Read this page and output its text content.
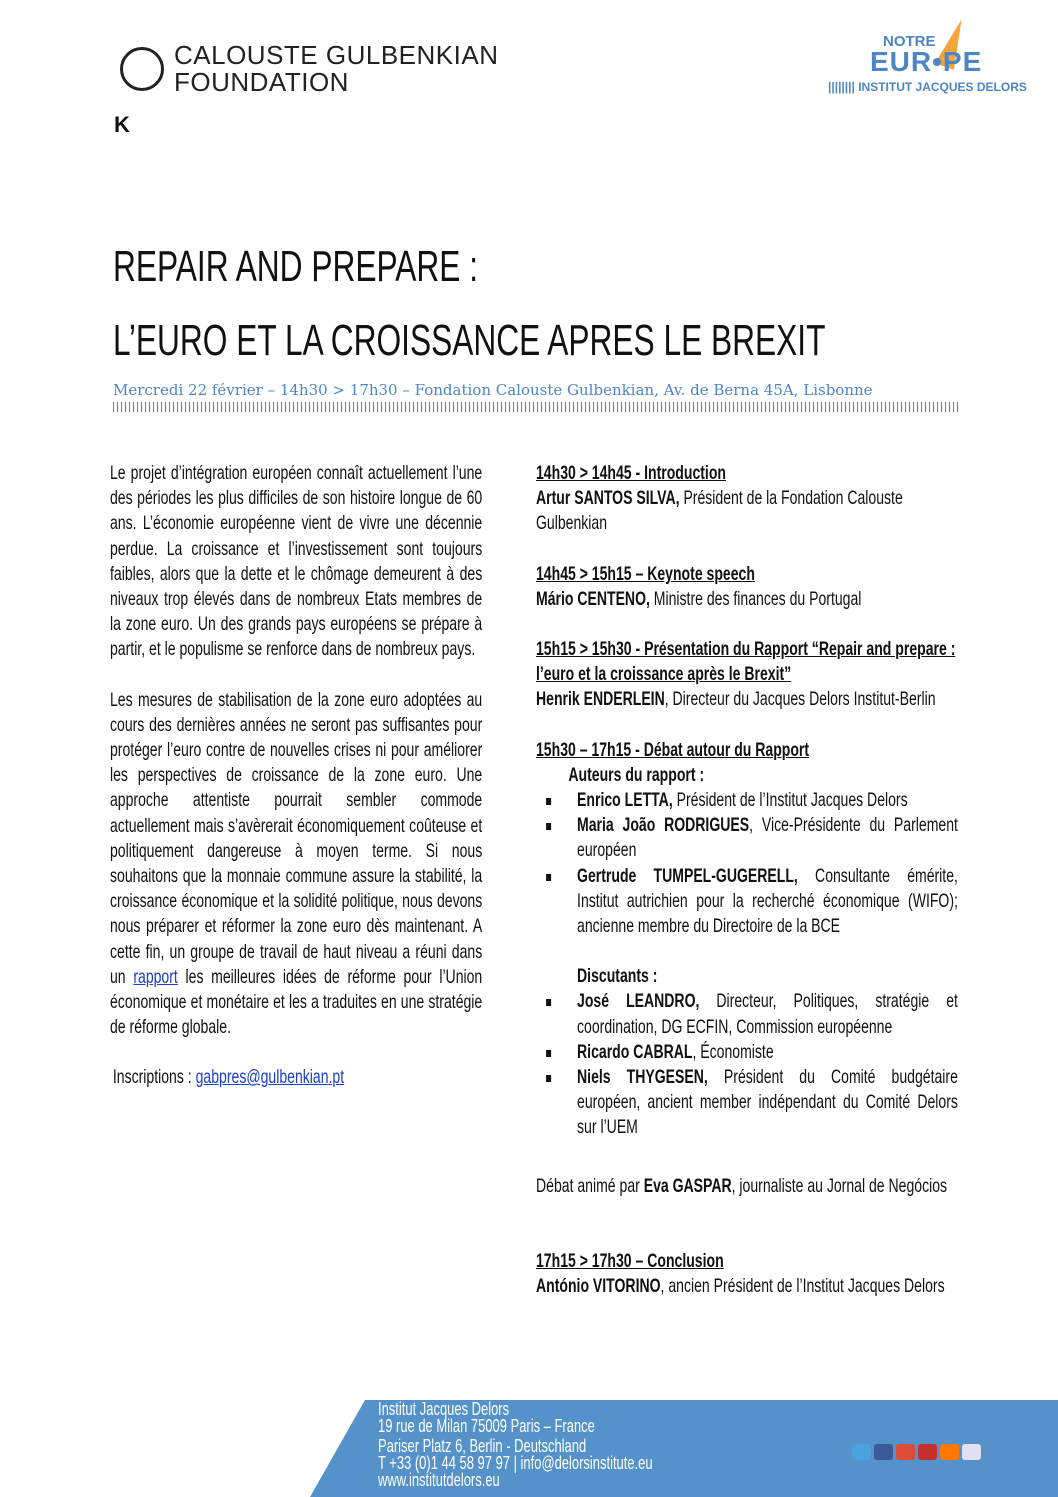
CALOUSTE GULBENKIAN
FOUNDATION
NOTRE
EUR•PE
|||||||| INSTITUT JACQUES DELORS
K
REPAIR AND PREPARE :
L’EURO ET LA CROISSANCE APRES LE BREXIT
Mercredi 22 février – 14h30 > 17h30 – Fondation Calouste Gulbenkian, Av. de Berna 45A, Lisbonne

Le projet d’intégration européen connaît actuellement l’une des périodes les plus difficiles de son histoire longue de 60 ans. L’économie européenne vient de vivre une décennie perdue. La croissance et l’investissement sont toujours faibles, alors que la dette et le chômage demeurent à des niveaux trop élevés dans de nombreux Etats membres de la zone euro. Un des grands pays européens se prépare à partir, et le populisme se renforce dans de nombreux pays.

Les mesures de stabilisation de la zone euro adoptées au cours des dernières années ne seront pas suffisantes pour protéger l’euro contre de nouvelles crises ni pour améliorer les perspectives de croissance de la zone euro. Une approche attentiste pourrait sembler commode actuellement mais s’avèrerait économiquement coûteuse et politiquement dangereuse à moyen terme. Si nous souhaitons que la monnaie commune assure la stabilité, la croissance économique et la solidité politique, nous devons nous préparer et réformer la zone euro dès maintenant. A cette fin, un groupe de travail de haut niveau a réuni dans un rapport les meilleures idées de réforme pour l’Union économique et monétaire et les a traduites en une stratégie de réforme globale.

Inscriptions : gabpres@gulbenkian.pt

14h30 > 14h45 - Introduction
Artur SANTOS SILVA, Président de la Fondation Calouste Gulbenkian
14h45 > 15h15 – Keynote speech
Mário CENTENO, Ministre des finances du Portugal
15h15 > 15h30 - Présentation du Rapport “Repair and prepare : l’euro et la croissance après le Brexit”
Henrik ENDERLEIN, Directeur du Jacques Delors Institut-Berlin
15h30 – 17h15 - Débat autour du Rapport
Auteurs du rapport :
Enrico LETTA, Président de l’Institut Jacques Delors
Maria João RODRIGUES, Vice-Présidente du Parlement européen
Gertrude TUMPEL-GUGERELL, Consultante émérite, Institut autrichien pour la recherché économique (WIFO); ancienne membre du Directoire de la BCE
Discutants :
José LEANDRO, Directeur, Politiques, stratégie et coordination, DG ECFIN, Commission européenne
Ricardo CABRAL, Économiste
Niels THYGESEN, Président du Comité budgétaire européen, ancient member indépendant du Comité Delors sur l’UEM
Débat animé par Eva GASPAR, journaliste au Jornal de Negócios
17h15 > 17h30 – Conclusion
António VITORINO, ancien Président de l’Institut Jacques Delors
Institut Jacques Delors
19 rue de Milan 75009 Paris – France
Pariser Platz 6, Berlin - Deutschland
T +33 (0)1 44 58 97 97 | info@delorsinstitute.eu
www.institutdelors.eu
